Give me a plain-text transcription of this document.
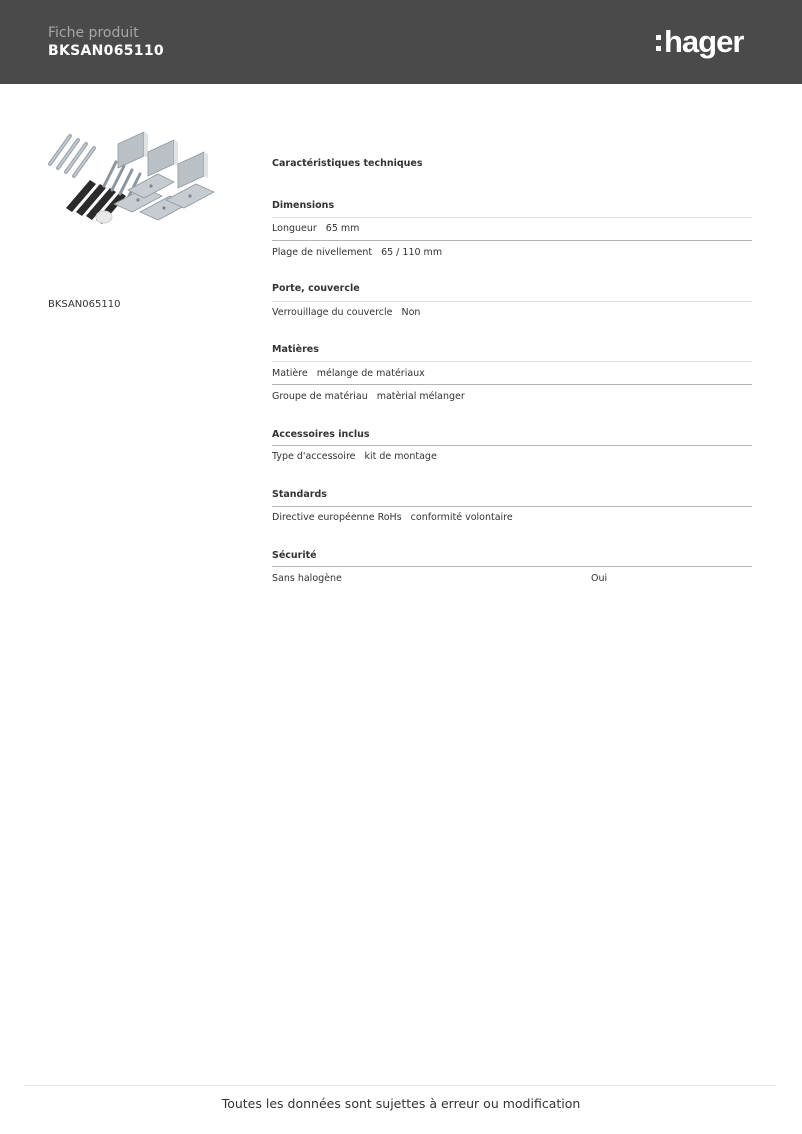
Fiche produit
BKSAN065110	hager
BKSAN065110
Caractéristiques techniques
Dimensions
Longueur 65 mm
Plage de nivellement 65 / 110 mm
Porte, couvercle
Verrouillage du couvercle Non
Matières
Matière mélange de matériaux
Groupe de matériau matèrial mélanger
Accessoires inclus
Type d'accessoire kit de montage
Standards
Directive européenne RoHs conformité volontaire
Sécurité
Sans halogène	Oui
Toutes les données sont sujettes à erreur ou modification
